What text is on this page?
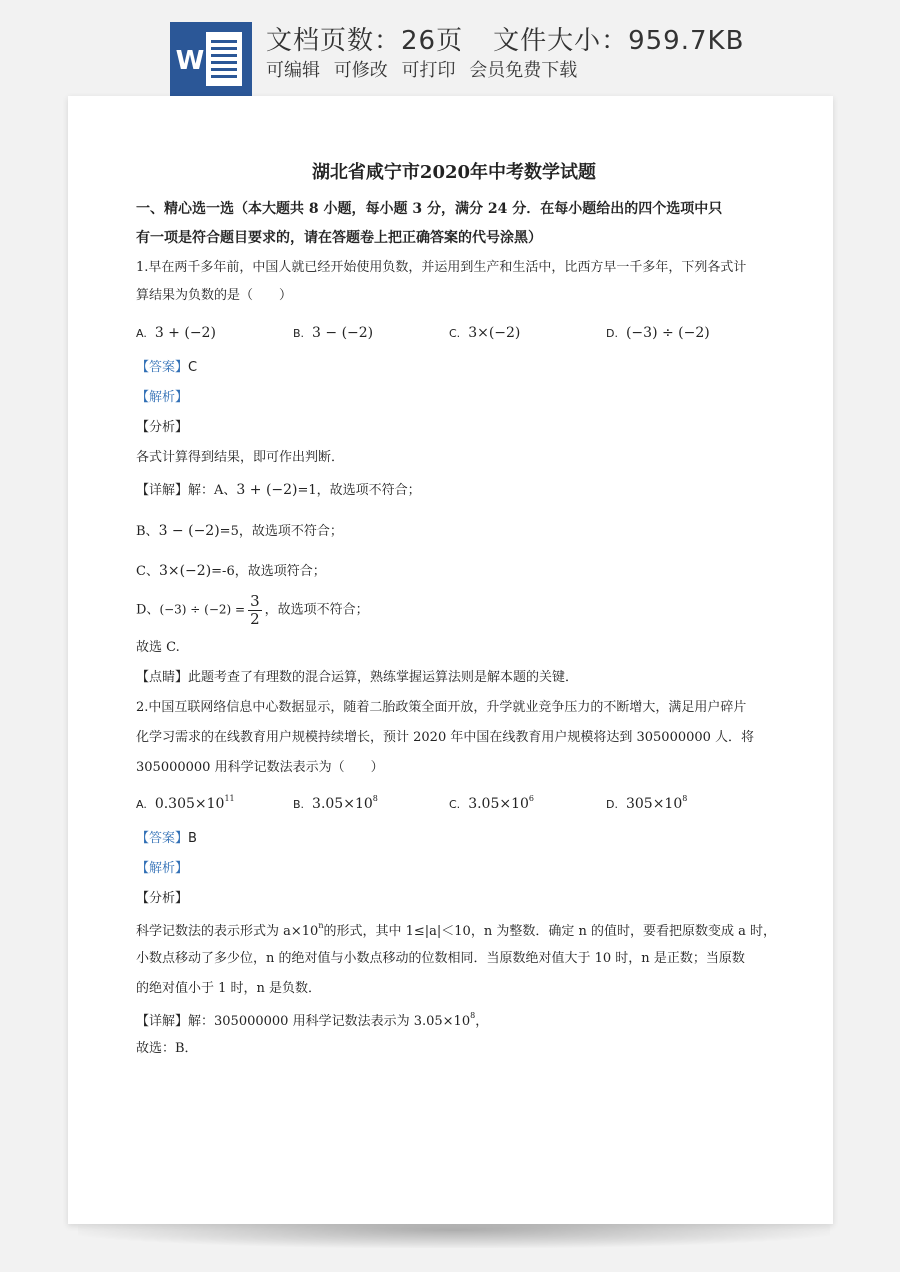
W
文档页数：26页 文件大小：959.7KB
可编辑 可修改 可打印 会员免费下载
湖北省咸宁市2020年中考数学试题
一、精心选一选（本大题共 8 小题，每小题 3 分，满分 24 分．在每小题给出的四个选项中只
有一项是符合题目要求的，请在答题卷上把正确答案的代号涂黑）
1.早在两千多年前，中国人就已经开始使用负数，并运用到生产和生活中，比西方早一千多年，下列各式计
算结果为负数的是（　　）
A. 3 + (−2)	B. 3 − (−2)	C. 3×(−2)	D. (−3) ÷ (−2)
【答案】C
【解析】
【分析】
各式计算得到结果，即可作出判断．
【详解】解：A、3 + (−2)=1，故选项不符合；
B、3 − (−2)=5，故选项不符合；
C、3×(−2)=-6，故选项符合；
D、$(-3) \div (-2) = \frac{3}{2}$ ，故选项不符合；
故选 C.
【点睛】此题考查了有理数的混合运算，熟练掌握运算法则是解本题的关键．
2.中国互联网络信息中心数据显示，随着二胎政策全面开放，升学就业竞争压力的不断增大，满足用户碎片
化学习需求的在线教育用户规模持续增长，预计 2020 年中国在线教育用户规模将达到 305000000 人．将
305000000 用科学记数法表示为（　　）
A. $0.305\times 10^{11}$	B. $3.05\times 10^8$	C. $3.05\times 10^6$	D. $305\times 10^8$
【答案】B
【解析】
【分析】
科学记数法的表示形式为 $a\times 10^n$的形式，其中 1≤|a|＜10，n 为整数．确定 n 的值时，要看把原数变成 a 时，
小数点移动了多少位，n 的绝对值与小数点移动的位数相同．当原数绝对值大于 10 时，n 是正数；当原数
的绝对值小于 1 时，n 是负数．
【详解】解：305000000 用科学记数法表示为 $3.05\times 10^8$，
故选：B．
